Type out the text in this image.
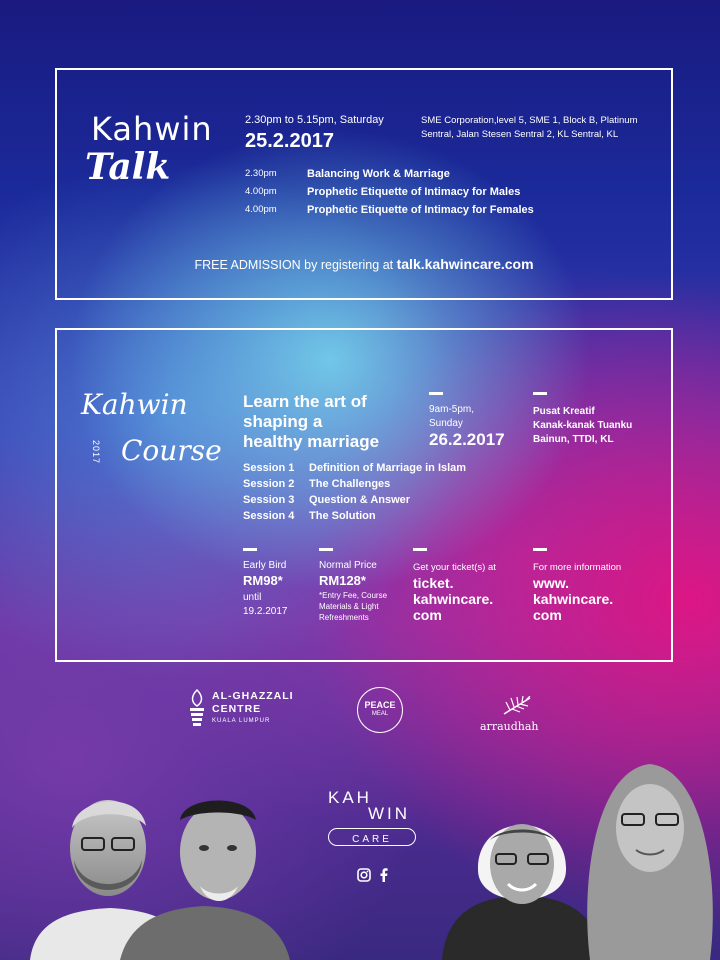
Kahwin
Talk
2.30pm to 5.15pm, Saturday
25.2.2017
SME Corporation,level 5, SME 1, Block B, Platinum Sentral, Jalan Stesen Sentral 2, KL Sentral, KL
2.30pm	Balancing Work & Marriage
4.00pm	Prophetic Etiquette of Intimacy for Males
4.00pm	Prophetic Etiquette of Intimacy for Females
FREE ADMISSION by registering at talk.kahwincare.com
Kahwin
Course
2017
Learn the art of
shaping a
healthy marriage
9am-5pm,
Sunday
26.2.2017
Pusat Kreatif
Kanak-kanak Tuanku
Bainun, TTDI, KL
Session 1 Definition of Marriage in Islam
Session 2 The Challenges
Session 3 Question & Answer
Session 4 The Solution
Early Bird
RM98*
until
19.2.2017
Normal Price
RM128*
*Entry Fee, Course Materials & Light Refreshments
Get your ticket(s) at
ticket.
kahwincare.
com
For more information
www.
kahwincare.
com
AL-GHAZZALI
CENTRE
KUALA LUMPUR
PEACE
MEAL
arraudhah
KAH
WIN
CARE
